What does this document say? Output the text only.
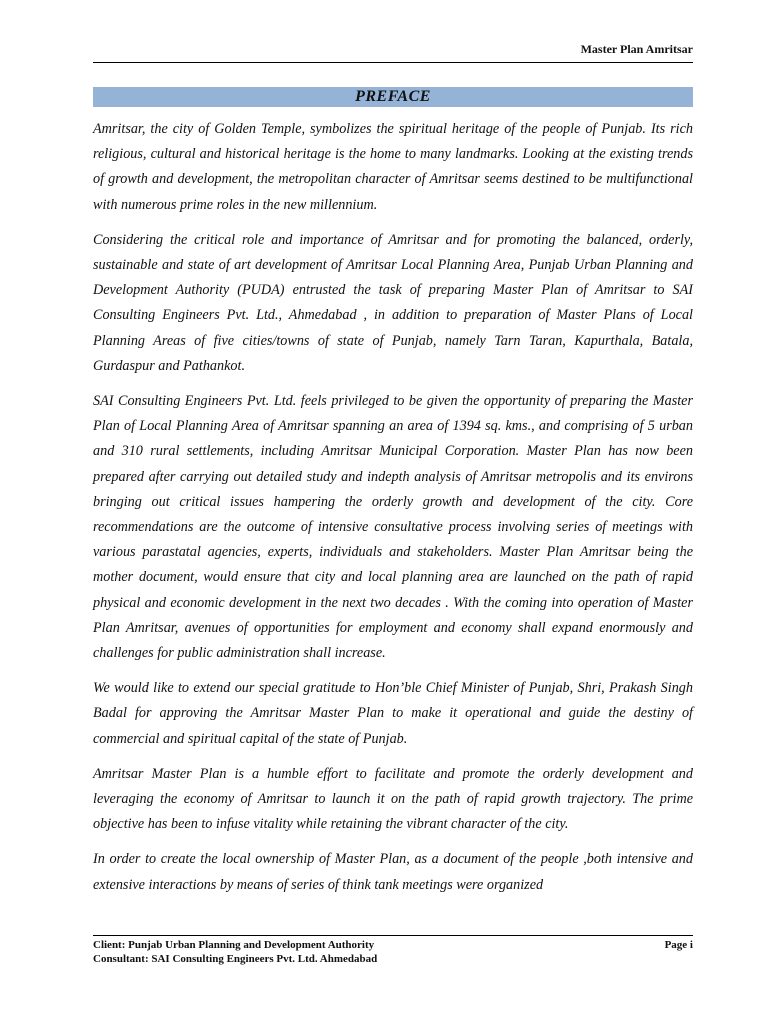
Master Plan Amritsar
PREFACE

Amritsar, the city of Golden Temple, symbolizes the spiritual heritage of the people of Punjab. Its rich religious, cultural and historical heritage is the home to many landmarks. Looking at the existing trends of growth and development, the metropolitan character of Amritsar seems destined to be multifunctional with numerous prime roles in the new millennium.

Considering the critical role and importance of Amritsar and for promoting the balanced, orderly, sustainable and state of art development of Amritsar Local Planning Area, Punjab Urban Planning and Development Authority (PUDA) entrusted the task of preparing Master Plan of Amritsar to SAI Consulting Engineers Pvt. Ltd., Ahmedabad , in addition to preparation of Master Plans of Local Planning Areas of five cities/towns of state of Punjab, namely Tarn Taran, Kapurthala, Batala, Gurdaspur and Pathankot.

SAI Consulting Engineers Pvt. Ltd. feels privileged to be given the opportunity of preparing the Master Plan of Local Planning Area of Amritsar spanning an area of 1394 sq. kms., and comprising of 5 urban and 310 rural settlements, including Amritsar Municipal Corporation. Master Plan has now been prepared after carrying out detailed study and indepth analysis of Amritsar metropolis and its environs bringing out critical issues hampering the orderly growth and development of the city. Core recommendations are the outcome of intensive consultative process involving series of meetings with various parastatal agencies, experts, individuals and stakeholders. Master Plan Amritsar being the mother document, would ensure that city and local planning area are launched on the path of rapid physical and economic development in the next two decades . With the coming into operation of Master Plan Amritsar, avenues of opportunities for employment and economy shall expand enormously and challenges for public administration shall increase.

We would like to extend our special gratitude to Hon’ble Chief Minister of Punjab, Shri, Prakash Singh Badal for approving the Amritsar Master Plan to make it operational and guide the destiny of commercial and spiritual capital of the state of Punjab.

Amritsar Master Plan is a humble effort to facilitate and promote the orderly development and leveraging the economy of Amritsar to launch it on the path of rapid growth trajectory. The prime objective has been to infuse vitality while retaining the vibrant character of the city.

In order to create the local ownership of Master Plan, as a document of the people ,both intensive and extensive interactions by means of series of think tank meetings were organized

Client: Punjab Urban Planning and Development Authority	Page i
Consultant: SAI Consulting Engineers Pvt. Ltd. Ahmedabad
